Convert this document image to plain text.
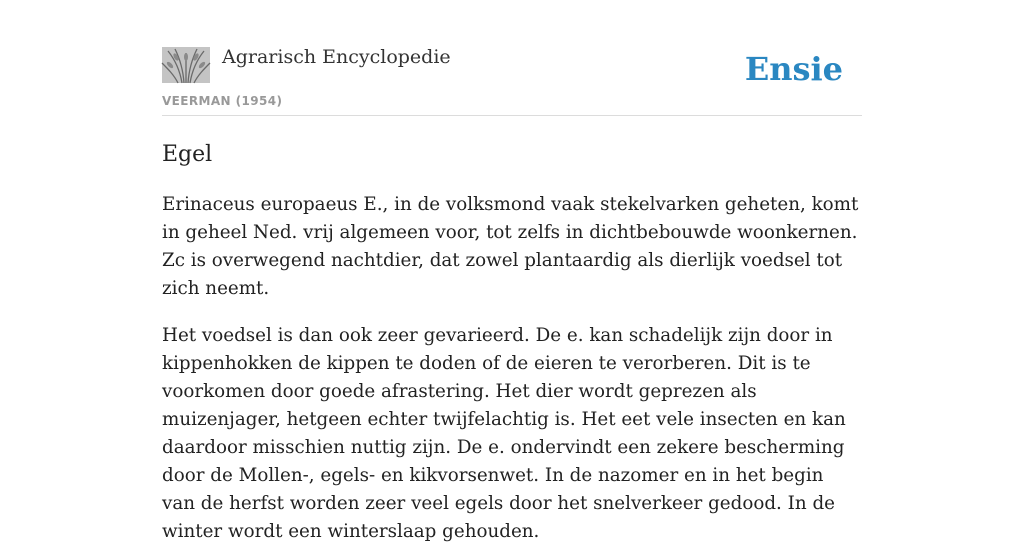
Agrarisch Encyclopedie
VEERMAN (1954)
Ensie
Egel

Erinaceus europaeus E., in de volksmond vaak stekelvarken geheten, komt in geheel Ned. vrij algemeen voor, tot zelfs in dichtbebouwde woonkernen. Zc is overwegend nachtdier, dat zowel plantaardig als dierlijk voedsel tot zich neemt.

Het voedsel is dan ook zeer gevarieerd. De e. kan schadelijk zijn door in kippenhokken de kippen te doden of de eieren te verorberen. Dit is te voorkomen door goede afrastering. Het dier wordt geprezen als muizenjager, hetgeen echter twijfelachtig is. Het eet vele insecten en kan daardoor misschien nuttig zijn. De e. ondervindt een zekere bescherming door de Mollen-, egels- en kikvorsenwet. In de nazomer en in het begin van de herfst worden zeer veel egels door het snelverkeer gedood. In de winter wordt een winterslaap gehouden.
